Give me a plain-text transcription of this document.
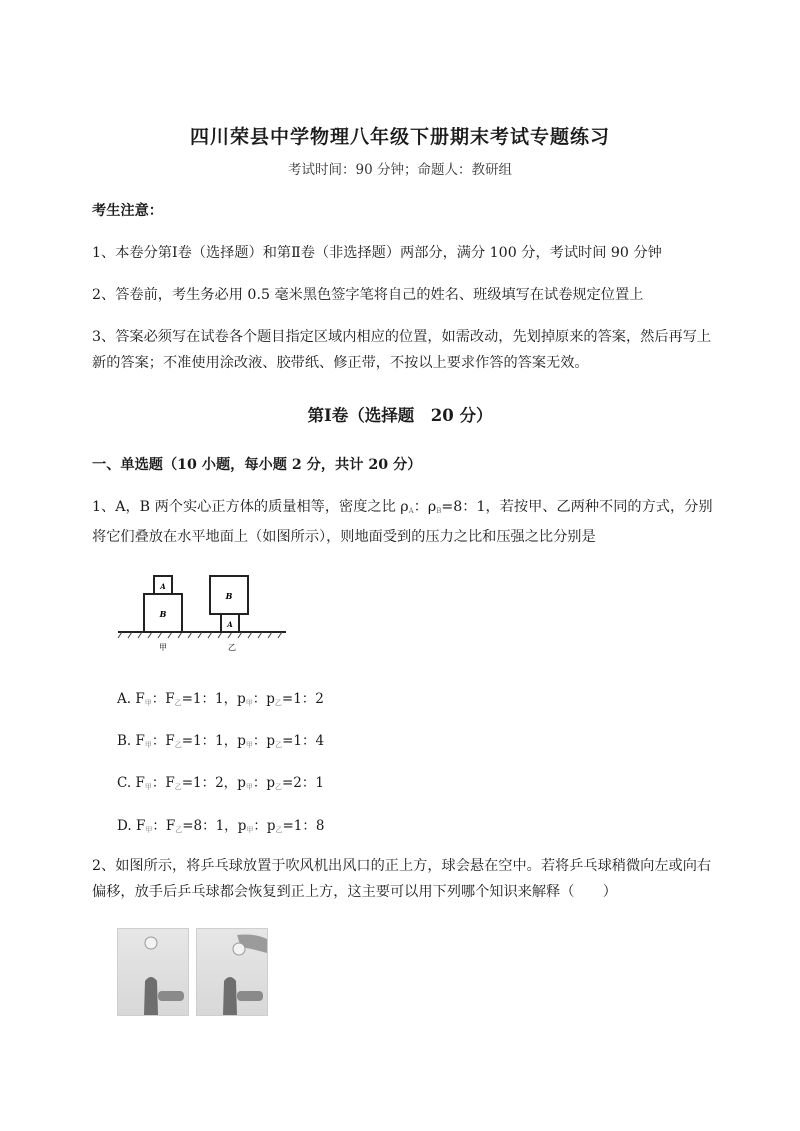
四川荣县中学物理八年级下册期末考试专题练习
考试时间：90 分钟；命题人：教研组
考生注意：
1、本卷分第Ⅰ卷（选择题）和第Ⅱ卷（非选择题）两部分，满分 100 分，考试时间 90 分钟
2、答卷前，考生务必用 0.5 毫米黑色签字笔将自己的姓名、班级填写在试卷规定位置上
3、答案必须写在试卷各个题目指定区域内相应的位置，如需改动，先划掉原来的答案，然后再写上新的答案；不准使用涂改液、胶带纸、修正带，不按以上要求作答的答案无效。
第Ⅰ卷（选择题　20 分）
一、单选题（10 小题，每小题 2 分，共计 20 分）
1、A，B 两个实心正方体的质量相等，密度之比 $\rho_A$：$\rho_B=8$：1，若按甲、乙两种不同的方式，分别将它们叠放在水平地面上（如图所示），则地面受到的压力之比和压强之比分别是
B
A
A
B
甲	乙
A. $F_甲$：$F_乙=1$：1，$p_甲$：$p_乙=1$：2
B. $F_甲$：$F_乙=1$：1，$p_甲$：$p_乙=1$：4
C. $F_甲$：$F_乙=1$：2，$p_甲$：$p_乙=2$：1
D. $F_甲$：$F_乙=8$：1，$p_甲$：$p_乙=1$：8
2、如图所示，将乒乓球放置于吹风机出风口的正上方，球会悬在空中。若将乒乓球稍微向左或向右偏移，放手后乒乓球都会恢复到正上方，这主要可以用下列哪个知识来解释（　　）
